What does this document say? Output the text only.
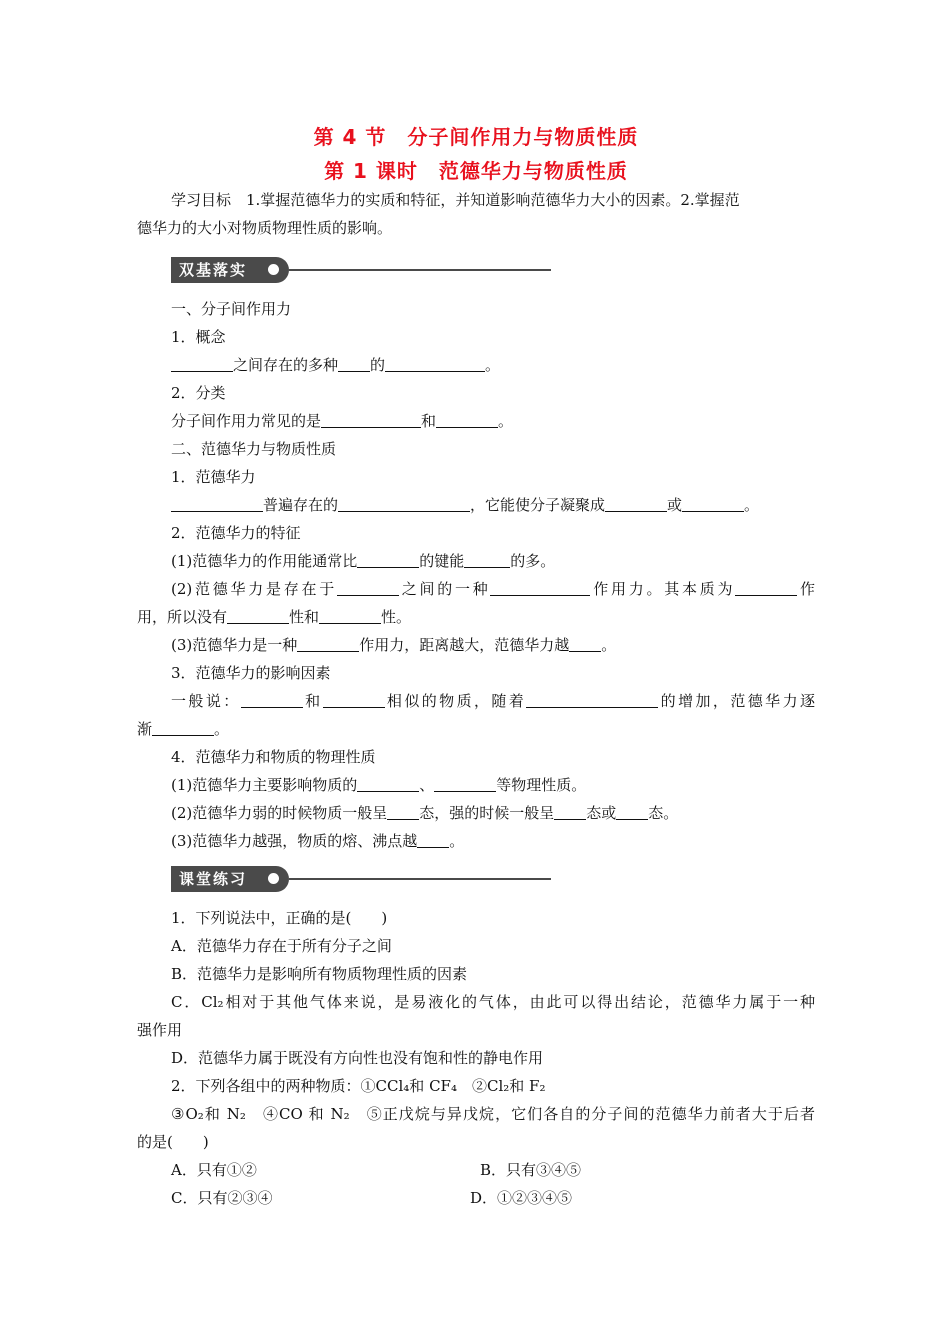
第 4 节　分子间作用力与物质性质
第 1 课时　范德华力与物质性质
学习目标　1.掌握范德华力的实质和特征，并知道影响范德华力大小的因素。2.掌握范
德华力的大小对物质物理性质的影响。
双基落实
一、分子间作用力
1．概念
之间存在的多种 的	。
2．分类
分子间作用力常见的是	和	。
二、范德华力与物质性质
1．范德华力
普遍存在的	，它能使分子凝聚成	或	。
2．范德华力的特征
(1)范德华力的作用能通常比	的键能	的多。
(2)范德华力是存在于	之间的一种	作用力。其本质为	作
用，所以没有	性和	性。
(3)范德华力是一种	作用力，距离越大，范德华力越 。
3．范德华力的影响因素
一般说：	和	相似的物质，随着	的增加，范德华力逐
渐	。
4．范德华力和物质的物理性质
(1)范德华力主要影响物质的	、	等物理性质。
(2)范德华力弱的时候物质一般呈 态，强的时候一般呈 态或 态。
(3)范德华力越强，物质的熔、沸点越 。
课堂练习
1．下列说法中，正确的是(　　)
A．范德华力存在于所有分子之间
B．范德华力是影响所有物质物理性质的因素
C．Cl₂相对于其他气体来说，是易液化的气体，由此可以得出结论，范德华力属于一种
强作用
D．范德华力属于既没有方向性也没有饱和性的静电作用
2．下列各组中的两种物质：①CCl₄和 CF₄　②Cl₂和 F₂
③O₂和 N₂　④CO 和 N₂　⑤正戊烷与异戊烷，它们各自的分子间的范德华力前者大于后者
的是(　　)
A．只有①②	B．只有③④⑤
C．只有②③④	D．①②③④⑤
